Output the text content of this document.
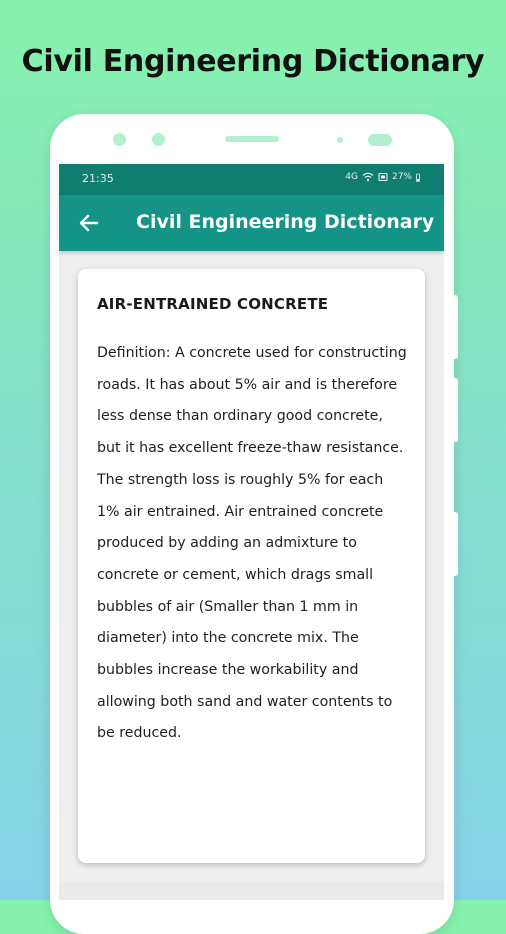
Civil Engineering Dictionary
21:35	4G	27%
Civil Engineering Dictionary
AIR-ENTRAINED CONCRETE

Definition: A concrete used for constructing roads. It has about 5% air and is therefore less dense than ordinary good concrete, but it has excellent freeze-thaw resistance. The strength loss is roughly 5% for each 1% air entrained. Air entrained concrete produced by adding an admixture to concrete or cement, which drags small bubbles of air (Smaller than 1 mm in diameter) into the concrete mix. The bubbles increase the workability and allowing both sand and water contents to be reduced.
